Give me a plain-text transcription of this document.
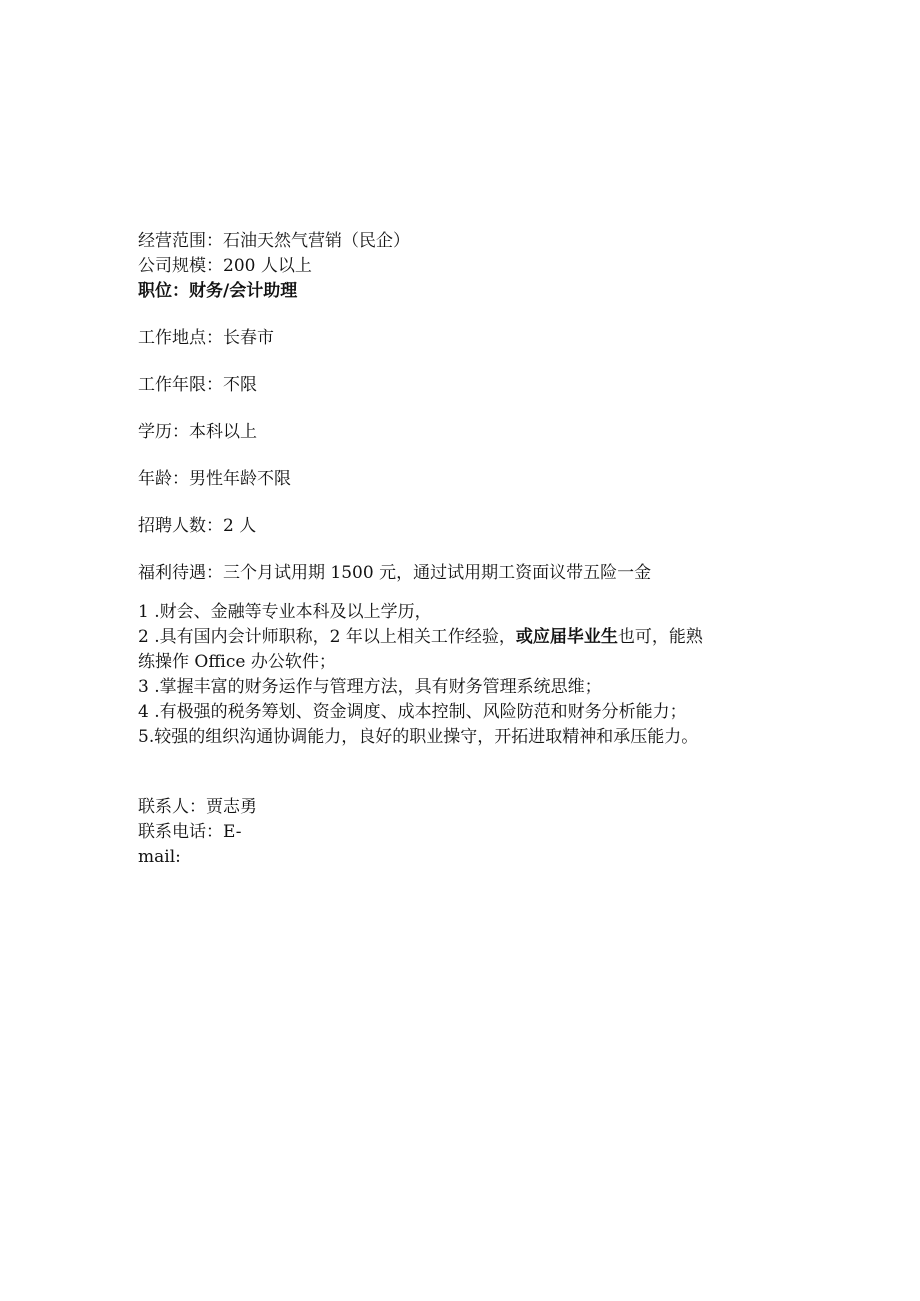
经营范围：石油天然气营销（民企）
公司规模：200 人以上
职位：财务/会计助理
工作地点：长春市
工作年限：不限
学历：本科以上
年龄：男性年龄不限
招聘人数：2 人
福利待遇：三个月试用期 1500 元，通过试用期工资面议带五险一金
1 .财会、金融等专业本科及以上学历，
2 .具有国内会计师职称，2 年以上相关工作经验，或应届毕业生也可，能熟
练操作 Office 办公软件；
3 .掌握丰富的财务运作与管理方法，具有财务管理系统思维；
4 .有极强的税务筹划、资金调度、成本控制、风险防范和财务分析能力；
5.较强的组织沟通协调能力，良好的职业操守，开拓进取精神和承压能力。
联系人：贾志勇
联系电话：E-
mail:
